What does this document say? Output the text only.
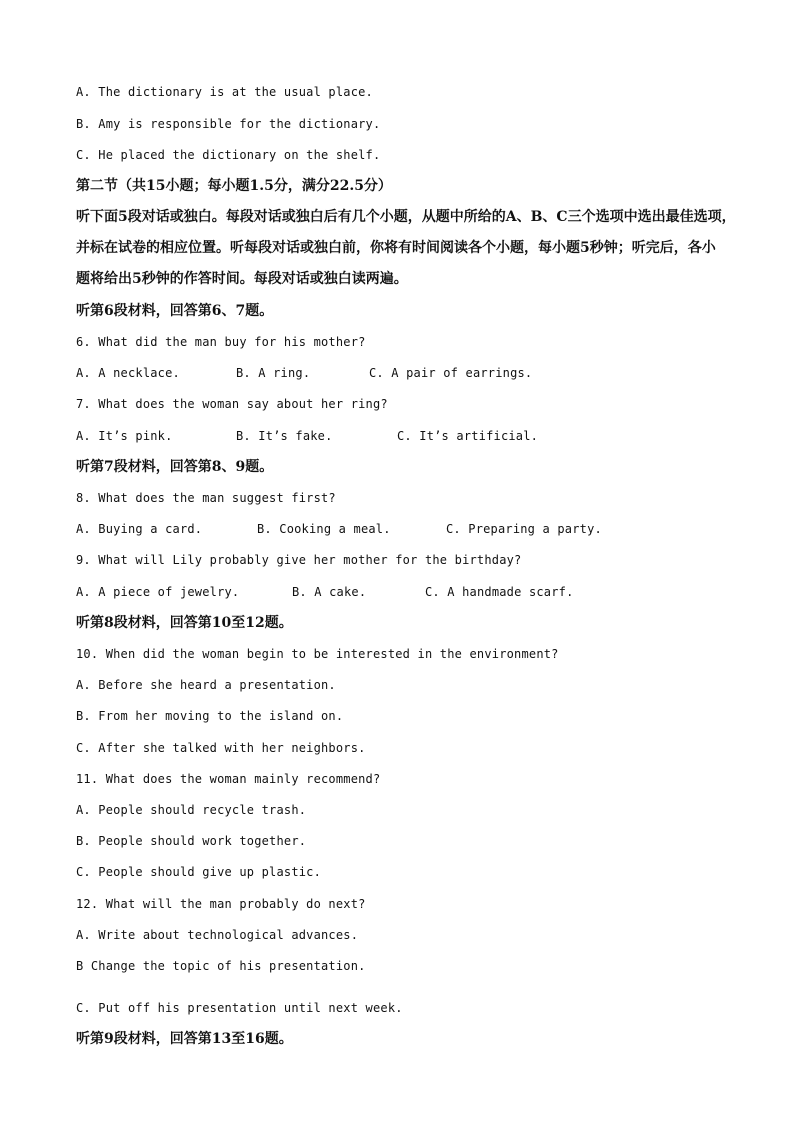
A. The dictionary is at the usual place.
B. Amy is responsible for the dictionary.
C. He placed the dictionary on the shelf.
第二节（共15小题；每小题1.5分，满分22.5分）
听下面5段对话或独白。每段对话或独白后有几个小题，从题中所给的A、B、C三个选项中选出最佳选项，
并标在试卷的相应位置。听每段对话或独白前，你将有时间阅读各个小题，每小题5秒钟；听完后，各小
题将给出5秒钟的作答时间。每段对话或独白读两遍。
听第6段材料，回答第6、7题。
6. What did the man buy for his mother?
A. A necklace.	B. A ring.	C. A pair of earrings.
7. What does the woman say about her ring?
A. It’s pink.	B. It’s fake.	C. It’s artificial.
听第7段材料，回答第8、9题。
8. What does the man suggest first?
A. Buying a card.	B. Cooking a meal.	C. Preparing a party.
9. What will Lily probably give her mother for the birthday?
A. A piece of jewelry.	B. A cake.	C. A handmade scarf.
听第8段材料，回答第10至12题。
10. When did the woman begin to be interested in the environment?
A. Before she heard a presentation.
B. From her moving to the island on.
C. After she talked with her neighbors.
11. What does the woman mainly recommend?
A. People should recycle trash.
B. People should work together.
C. People should give up plastic.
12. What will the man probably do next?
A. Write about technological advances.
B Change the topic of his presentation.
C. Put off his presentation until next week.
听第9段材料，回答第13至16题。
